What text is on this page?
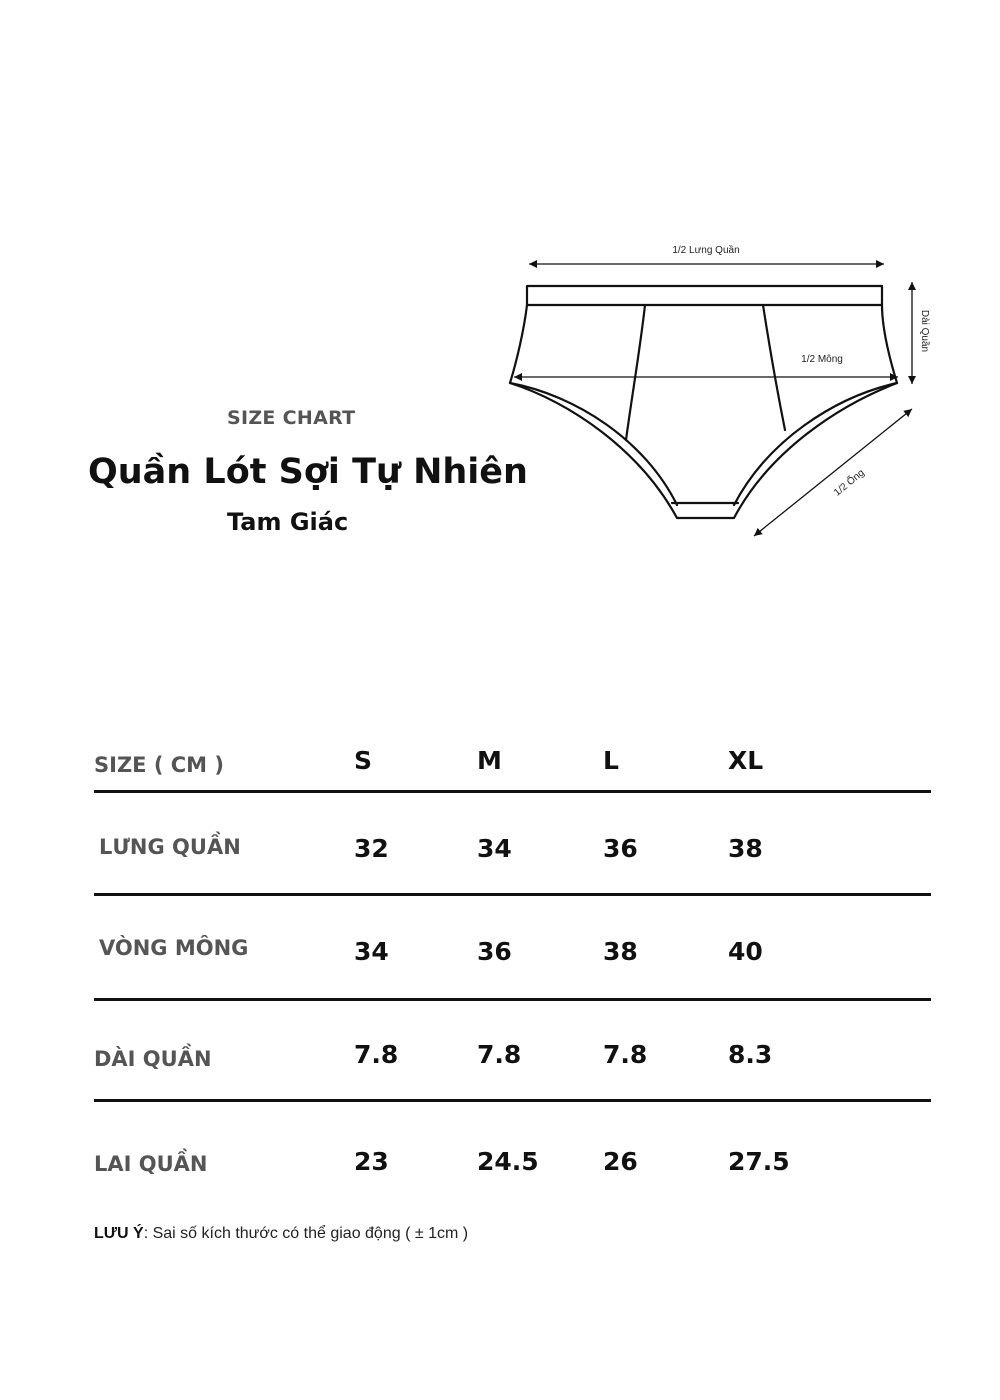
SIZE CHART
Quần Lót Sợi Tự Nhiên
Tam Giác
1/2 Lưng Quần
1/2 Mông
Dài Quần
1/2 Ống
SIZE ( CM )	S	M	L	XL
LƯNG QUẦN	32	34	36	38
VÒNG MÔNG	34	36	38	40
DÀI QUẦN	7.8	7.8	7.8	8.3
LAI QUẦN	23	24.5	26	27.5
LƯU Ý: Sai số kích thước có thể giao động ( ± 1cm )
